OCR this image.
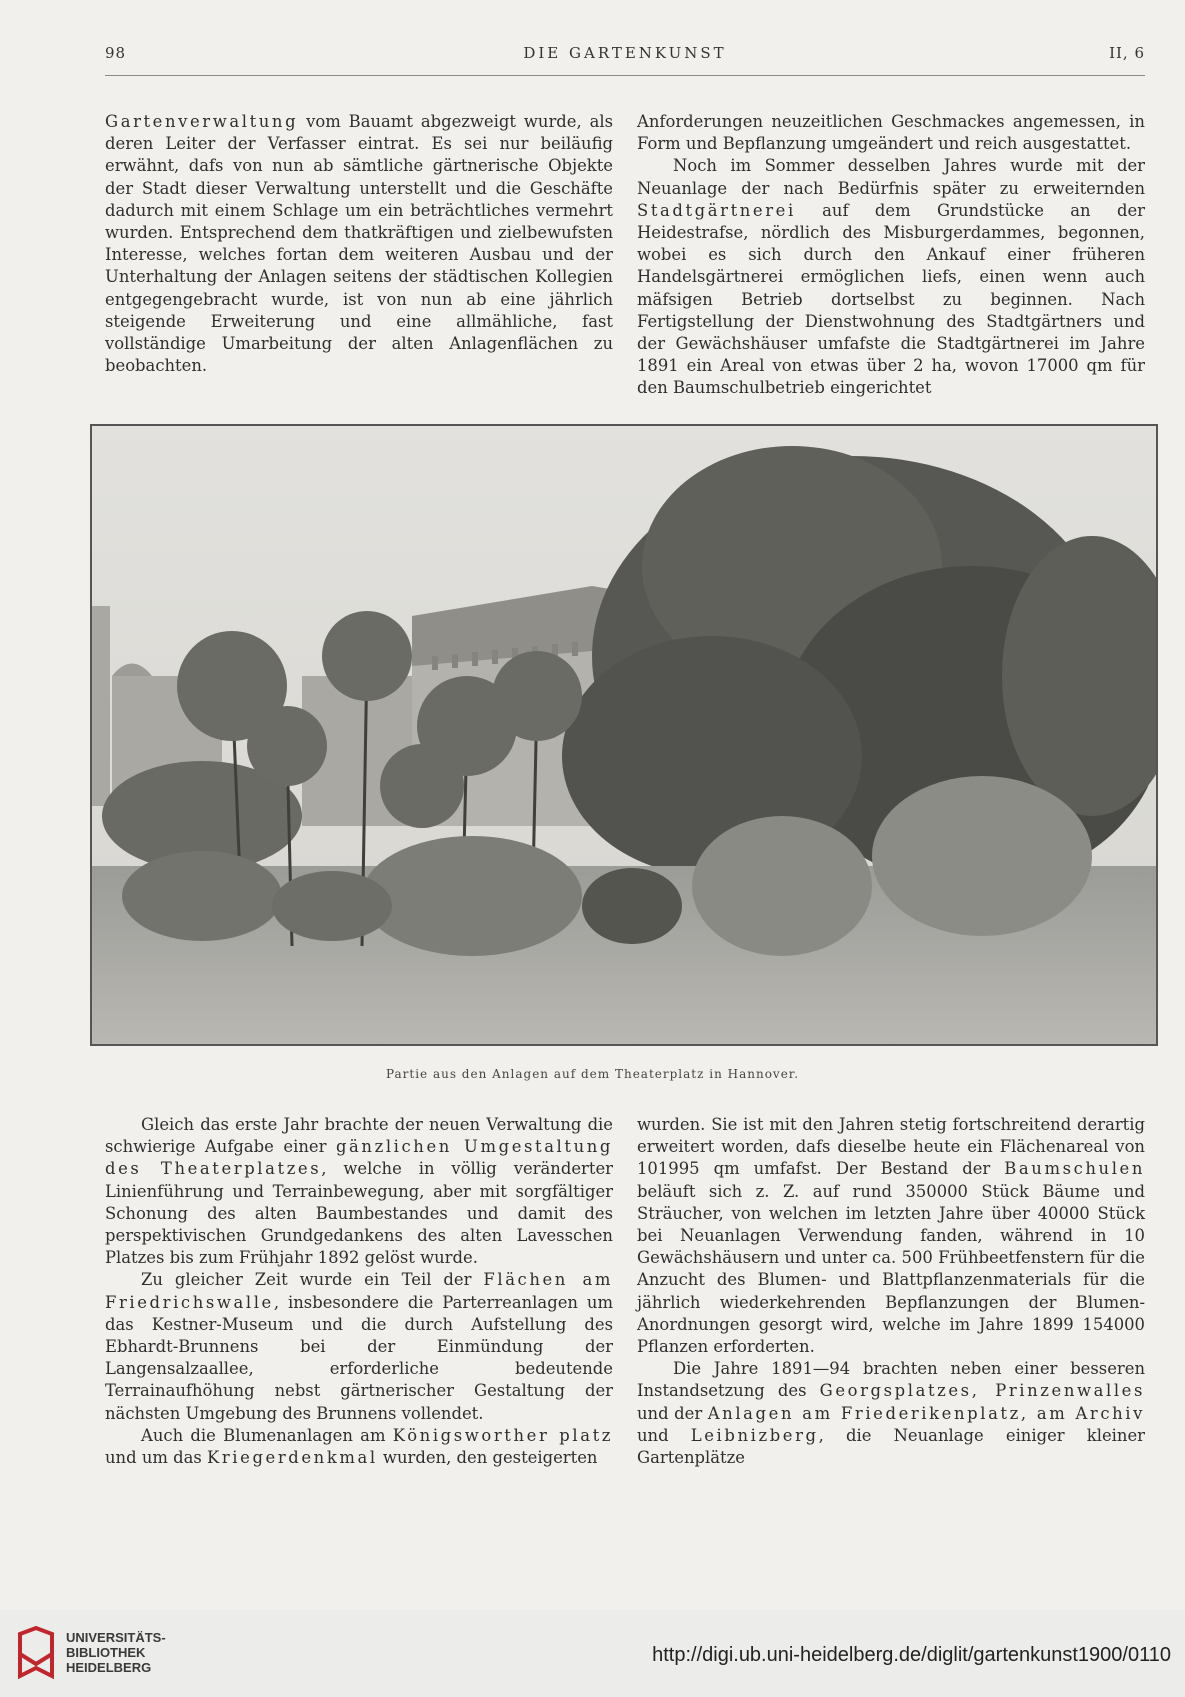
98	DIE GARTENKUNST	II, 6

Gartenverwaltung vom Bauamt abgezweigt wurde, als deren Leiter der Verfasser eintrat. Es sei nur beiläufig erwähnt, dafs von nun ab sämtliche gärtnerische Objekte der Stadt dieser Verwaltung unterstellt und die Geschäfte dadurch mit einem Schlage um ein beträchtliches vermehrt wurden. Entsprechend dem thatkräftigen und zielbewufsten Interesse, welches fortan dem weiteren Ausbau und der Unterhaltung der Anlagen seitens der städtischen Kollegien entgegengebracht wurde, ist von nun ab eine jährlich steigende Erweiterung und eine allmähliche, fast vollständige Umarbeitung der alten Anlagenflächen zu beobachten.

Anforderungen neuzeitlichen Geschmackes angemessen, in Form und Bepflanzung umgeändert und reich ausgestattet.

Noch im Sommer desselben Jahres wurde mit der Neuanlage der nach Bedürfnis später zu erweiternden Stadtgärtnerei auf dem Grundstücke an der Heidestrafse, nördlich des Misburgerdammes, begonnen, wobei es sich durch den Ankauf einer früheren Handelsgärtnerei ermöglichen liefs, einen wenn auch mäfsigen Betrieb dortselbst zu beginnen. Nach Fertigstellung der Dienstwohnung des Stadtgärtners und der Gewächshäuser umfafste die Stadtgärtnerei im Jahre 1891 ein Areal von etwas über 2 ha, wovon 17000 qm für den Baumschulbetrieb eingerichtet

Partie aus den Anlagen auf dem Theaterplatz in Hannover.

Gleich das erste Jahr brachte der neuen Verwaltung die schwierige Aufgabe einer gänzlichen Umgestaltung des Theaterplatzes, welche in völlig veränderter Linienführung und Terrainbewegung, aber mit sorgfältiger Schonung des alten Baumbestandes und damit des perspektivischen Grundgedankens des alten Lavesschen Platzes bis zum Frühjahr 1892 gelöst wurde.

Zu gleicher Zeit wurde ein Teil der Flächen am Friedrichswalle, insbesondere die Parterreanlagen um das Kestner-Museum und die durch Aufstellung des Ebhardt-Brunnens bei der Einmündung der Langensalzaallee, erforderliche bedeutende Terrainaufhöhung nebst gärtnerischer Gestaltung der nächsten Umgebung des Brunnens vollendet.

Auch die Blumenanlagen am Königsworther platz und um das Kriegerdenkmal wurden, den gesteigerten

wurden. Sie ist mit den Jahren stetig fortschreitend derartig erweitert worden, dafs dieselbe heute ein Flächenareal von 101995 qm umfafst. Der Bestand der Baumschulen beläuft sich z. Z. auf rund 350000 Stück Bäume und Sträucher, von welchen im letzten Jahre über 40000 Stück bei Neuanlagen Verwendung fanden, während in 10 Gewächshäusern und unter ca. 500 Frühbeetfenstern für die Anzucht des Blumen- und Blattpflanzenmaterials für die jährlich wiederkehrenden Bepflanzungen der Blumen-Anordnungen gesorgt wird, welche im Jahre 1899 154000 Pflanzen erforderten.

Die Jahre 1891—94 brachten neben einer besseren Instandsetzung des Georgsplatzes, Prinzenwalles und der Anlagen am Friederikenplatz, am Archiv und Leibnizberg, die Neuanlage einiger kleiner Gartenplätze

UNIVERSITÄTS-
BIBLIOTHEK
HEIDELBERG
http://digi.ub.uni-heidelberg.de/diglit/gartenkunst1900/0110
